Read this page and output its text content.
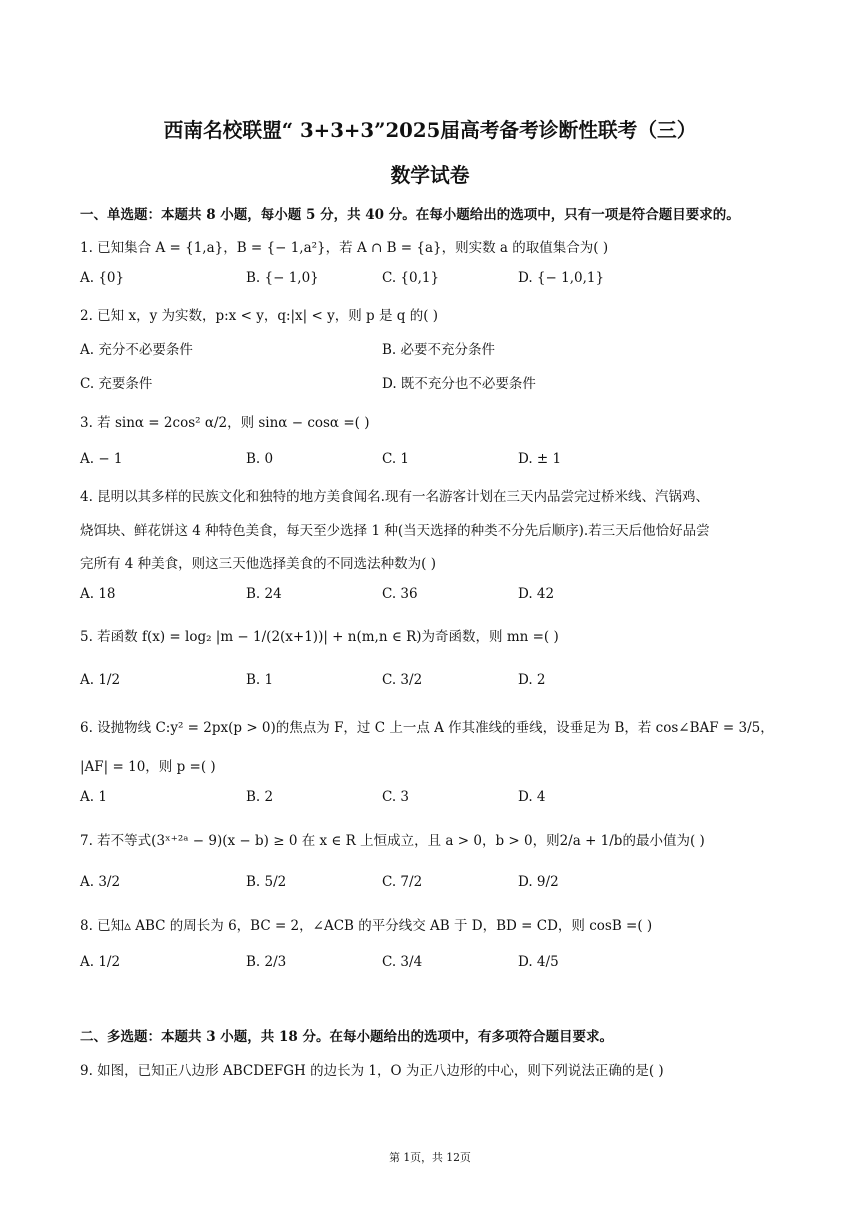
西南名校联盟“ 3+3+3”2025届高考备考诊断性联考（三）
数学试卷
一、单选题：本题共 8 小题，每小题 5 分，共 40 分。在每小题给出的选项中，只有一项是符合题目要求的。
1. 已知集合 A = {1,a}，B = {− 1,a²}，若 A ∩ B = {a}，则实数 a 的取值集合为( )
A. {0}	B. {− 1,0}	C. {0,1}	D. {− 1,0,1}
2. 已知 x，y 为实数，p:x < y，q:|x| < y，则 p 是 q 的( )
A. 充分不必要条件	B. 必要不充分条件
C. 充要条件	D. 既不充分也不必要条件
3. 若 sinα = 2cos² α/2，则 sinα − cosα =( )
A. − 1	B. 0	C. 1	D. ± 1
4. 昆明以其多样的民族文化和独特的地方美食闻名.现有一名游客计划在三天内品尝完过桥米线、汽锅鸡、
烧饵块、鲜花饼这 4 种特色美食，每天至少选择 1 种(当天选择的种类不分先后顺序).若三天后他恰好品尝
完所有 4 种美食，则这三天他选择美食的不同选法种数为( )
A. 18	B. 24	C. 36	D. 42
5. 若函数 f(x) = log₂ |m − 1/(2(x+1))| + n(m,n ∈ R)为奇函数，则 mn =( )
A. 1/2	B. 1	C. 3/2	D. 2
6. 设抛物线 C:y² = 2px(p > 0)的焦点为 F，过 C 上一点 A 作其准线的垂线，设垂足为 B，若 cos∠BAF = 3/5，
|AF| = 10，则 p =( )
A. 1	B. 2	C. 3	D. 4
7. 若不等式(3ˣ⁺²ᵃ − 9)(x − b) ≥ 0 在 x ∈ R 上恒成立，且 a > 0，b > 0，则2/a + 1/b的最小值为( )
A. 3/2	B. 5/2	C. 7/2	D. 9/2
8. 已知▵ ABC 的周长为 6，BC = 2，∠ACB 的平分线交 AB 于 D，BD = CD，则 cosB =( )
A. 1/2	B. 2/3	C. 3/4	D. 4/5
二、多选题：本题共 3 小题，共 18 分。在每小题给出的选项中，有多项符合题目要求。
9. 如图，已知正八边形 ABCDEFGH 的边长为 1，O 为正八边形的中心，则下列说法正确的是( )
第 1页，共 12页
